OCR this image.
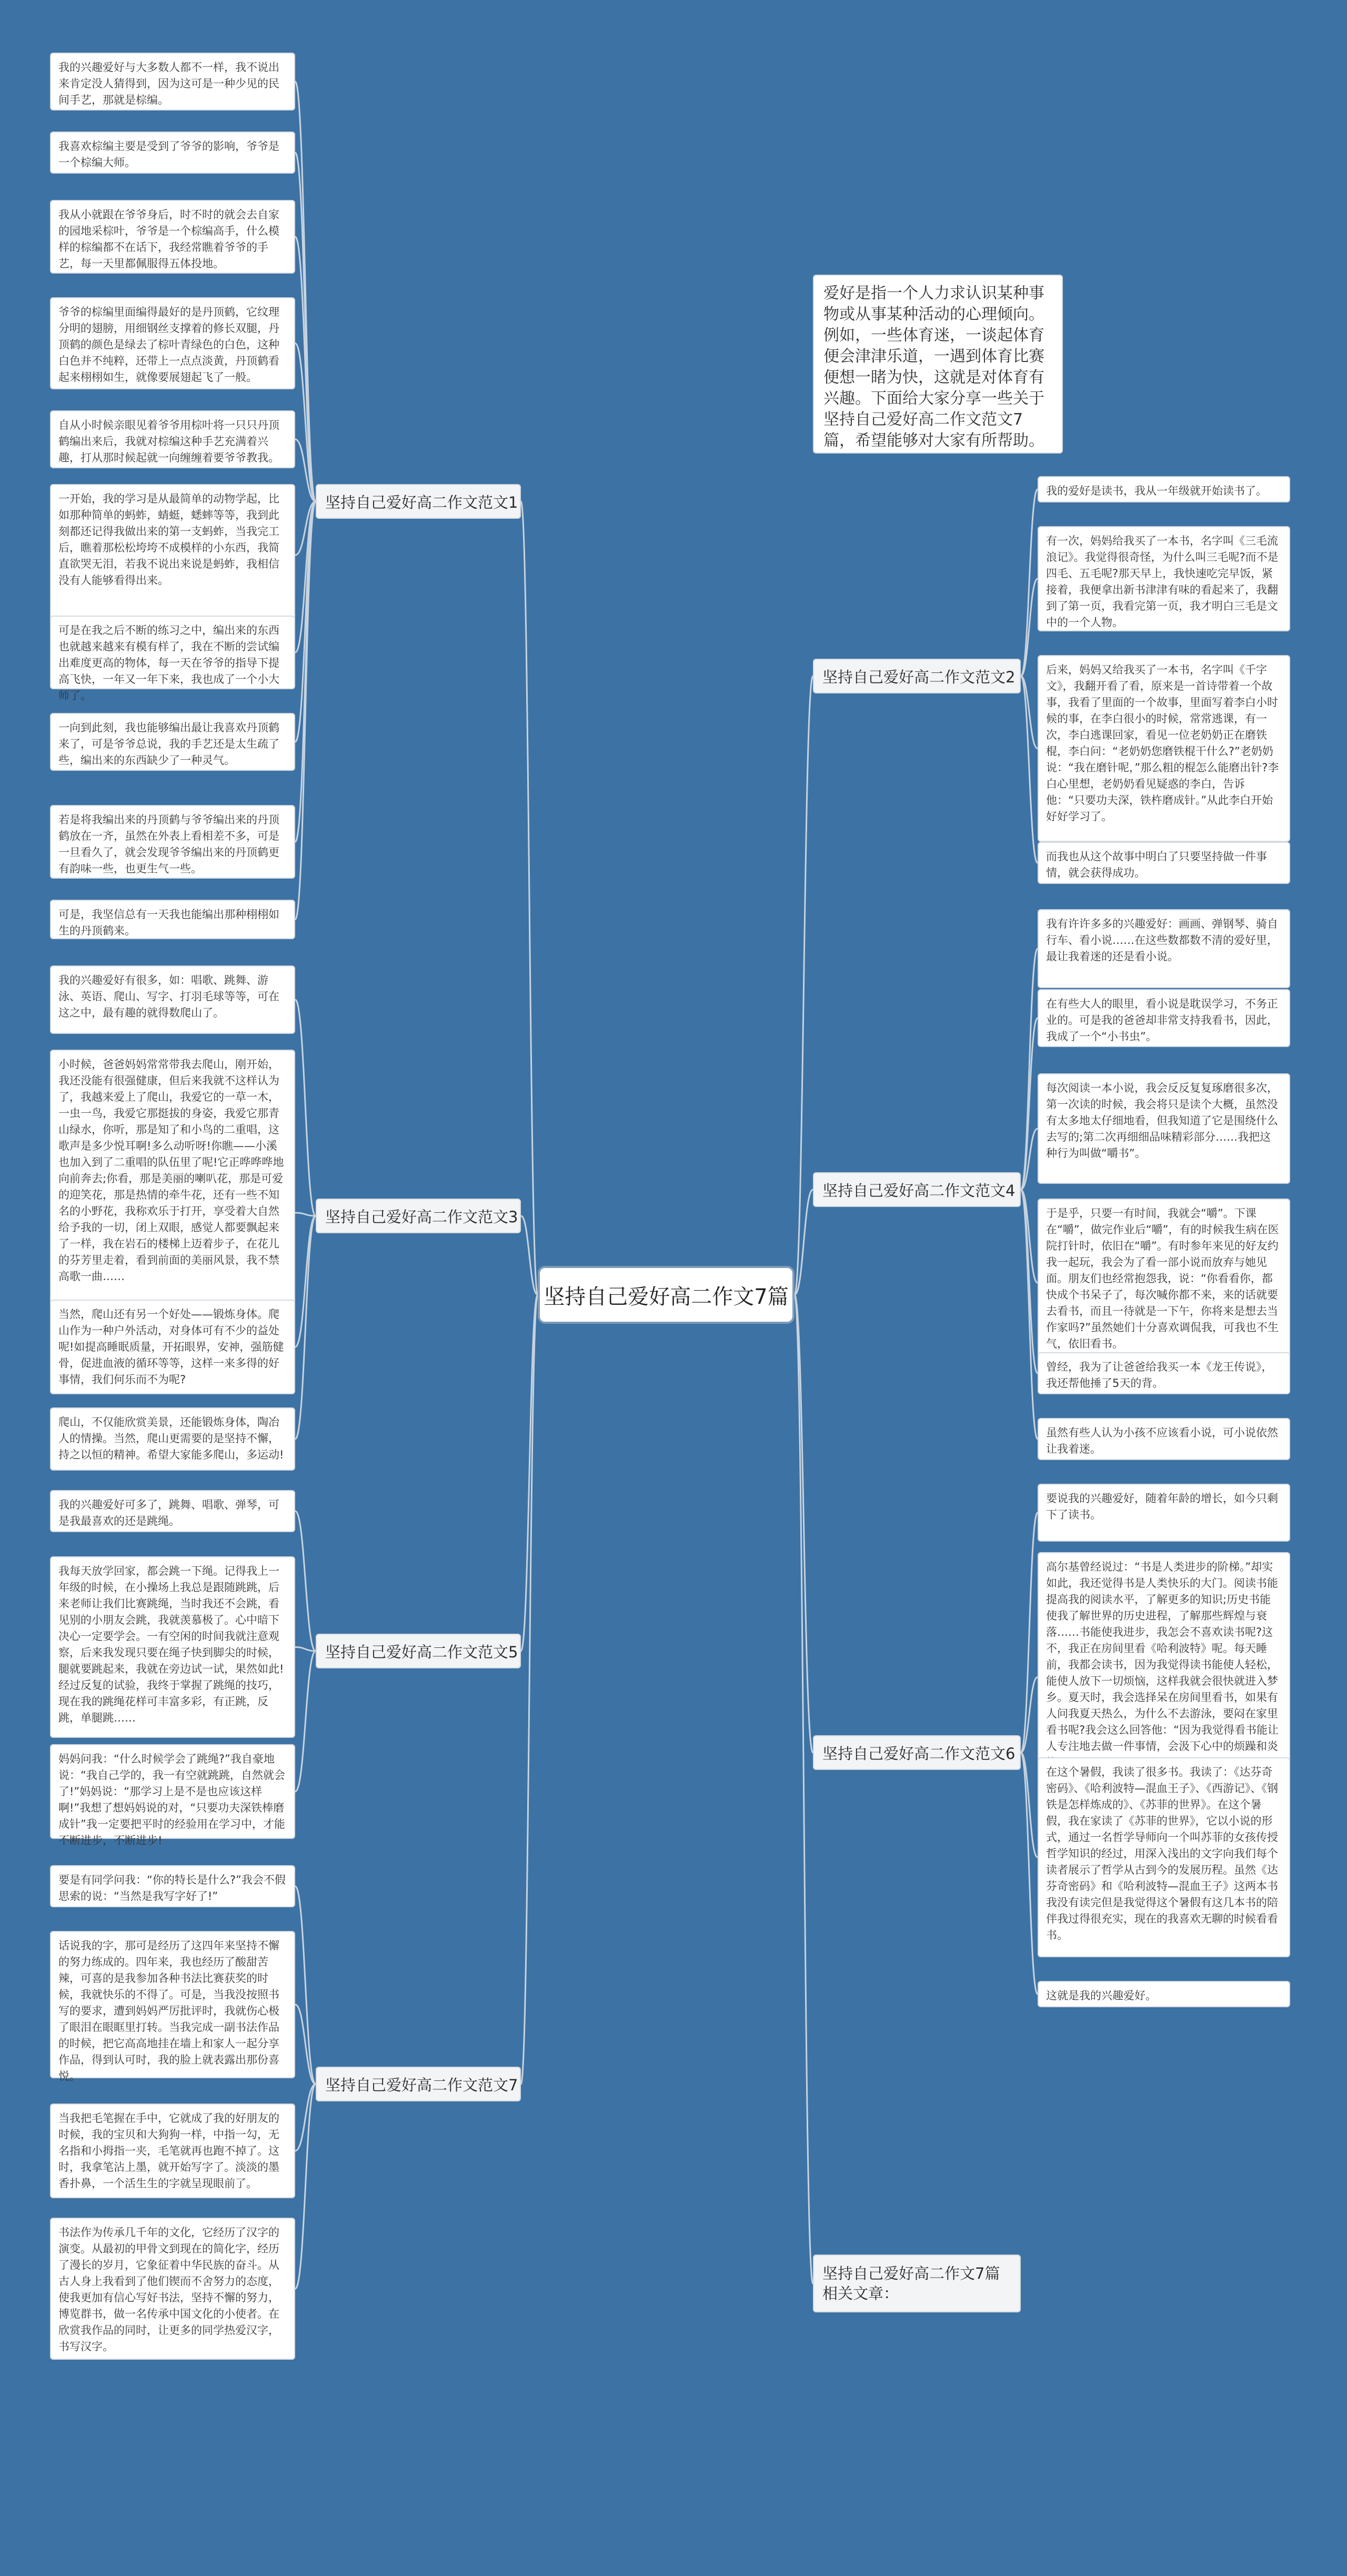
坚持自己爱好高二作文7篇
爱好是指一个人力求认识某种事物或从事某种活动的心理倾向。例如，一些体育迷，一谈起体育便会津津乐道，一遇到体育比赛便想一睹为快，这就是对体育有兴趣。下面给大家分享一些关于坚持自己爱好高二作文范文7篇，希望能够对大家有所帮助。
坚持自己爱好高二作文范文1
我的兴趣爱好与大多数人都不一样，我不说出来肯定没人猜得到，因为这可是一种少见的民间手艺，那就是棕编。
我喜欢棕编主要是受到了爷爷的影响，爷爷是一个棕编大师。
我从小就跟在爷爷身后，时不时的就会去自家的园地采棕叶，爷爷是一个棕编高手，什么模样的棕编都不在话下，我经常瞧着爷爷的手艺，每一天里都佩服得五体投地。
爷爷的棕编里面编得最好的是丹顶鹤，它纹理分明的翅膀，用细钢丝支撑着的修长双腿，丹顶鹤的颜色是绿去了棕叶青绿色的白色，这种白色并不纯粹，还带上一点点淡黄，丹顶鹤看起来栩栩如生，就像要展翅起飞了一般。
自从小时候亲眼见着爷爷用棕叶将一只只丹顶鹤编出来后，我就对棕编这种手艺充满着兴趣，打从那时候起就一向缠缠着要爷爷教我。
一开始，我的学习是从最简单的动物学起，比如那种简单的蚂蚱，蜻蜓，蟋蟀等等，我到此刻都还记得我做出来的第一支蚂蚱，当我完工后，瞧着那松松垮垮不成模样的小东西，我简直欲哭无泪，若我不说出来说是蚂蚱，我相信没有人能够看得出来。
可是在我之后不断的练习之中，编出来的东西也就越来越来有模有样了，我在不断的尝试编出难度更高的物体，每一天在爷爷的指导下提高飞快，一年又一年下来，我也成了一个小大师了。
一向到此刻，我也能够编出最让我喜欢丹顶鹤来了，可是爷爷总说，我的手艺还是太生疏了些，编出来的东西缺少了一种灵气。
若是将我编出来的丹顶鹤与爷爷编出来的丹顶鹤放在一齐，虽然在外表上看相差不多，可是一旦看久了，就会发现爷爷编出来的丹顶鹤更有韵味一些，也更生气一些。
可是，我坚信总有一天我也能编出那种栩栩如生的丹顶鹤来。
坚持自己爱好高二作文范文3
我的兴趣爱好有很多，如：唱歌、跳舞、游泳、英语、爬山、写字、打羽毛球等等，可在这之中，最有趣的就得数爬山了。
小时候，爸爸妈妈常常带我去爬山，刚开始，我还没能有很强健康，但后来我就不这样认为了，我越来爱上了爬山，我爱它的一草一木，一虫一鸟，我爱它那挺拔的身姿，我爱它那青山绿水，你听，那是知了和小鸟的二重唱，这歌声是多少悦耳啊!多么动听呀!你瞧——小溪也加入到了二重唱的队伍里了呢!它正哗哗哗地向前奔去;你看，那是美丽的喇叭花，那是可爱的迎笑花，那是热情的牵牛花，还有一些不知名的小野花，我称欢乐于打开，享受着大自然给予我的一切，闭上双眼，感觉人都要飘起来了一样，我在岩石的楼梯上迈着步子，在花儿的芬芳里走着，看到前面的美丽风景，我不禁高歌一曲……
当然，爬山还有另一个好处——锻炼身体。爬山作为一种户外活动，对身体可有不少的益处呢!如提高睡眠质量，开拓眼界，安神，强筋健骨，促进血液的循环等等，这样一来多得的好事情，我们何乐而不为呢?
爬山，不仅能欣赏美景，还能锻炼身体，陶冶人的情操。当然，爬山更需要的是坚持不懈，持之以恒的精神。希望大家能多爬山，多运动!
坚持自己爱好高二作文范文5
我的兴趣爱好可多了，跳舞、唱歌、弹琴，可是我最喜欢的还是跳绳。
我每天放学回家，都会跳一下绳。记得我上一年级的时候，在小操场上我总是跟随跳跳，后来老师让我们比赛跳绳，当时我还不会跳，看见别的小朋友会跳，我就羡慕极了。心中暗下决心一定要学会。一有空闲的时间我就注意观察，后来我发现只要在绳子快到脚尖的时候，腿就要跳起来，我就在旁边试一试，果然如此!经过反复的试验，我终于掌握了跳绳的技巧，现在我的跳绳花样可丰富多彩，有正跳，反跳，单腿跳……
妈妈问我：“什么时候学会了跳绳?”我自豪地说：“我自己学的，我一有空就跳跳，自然就会了!”妈妈说：“那学习上是不是也应该这样啊!”我想了想妈妈说的对，“只要功夫深铁棒磨成针”我一定要把平时的经验用在学习中，才能不断进步，不断进步!
坚持自己爱好高二作文范文7
要是有同学问我：“你的特长是什么?”我会不假思索的说：“当然是我写字好了!”
话说我的字，那可是经历了这四年来坚持不懈的努力练成的。四年来，我也经历了酸甜苦辣，可喜的是我参加各种书法比赛获奖的时候，我就快乐的不得了。可是，当我没按照书写的要求，遭到妈妈严厉批评时，我就伤心极了眼泪在眼眶里打转。当我完成一副书法作品的时候，把它高高地挂在墙上和家人一起分享作品，得到认可时，我的脸上就表露出那份喜悦。
当我把毛笔握在手中，它就成了我的好朋友的时候，我的宝贝和大狗狗一样，中指一勾，无名指和小拇指一夹，毛笔就再也跑不掉了。这时，我拿笔沾上墨，就开始写字了。淡淡的墨香扑鼻，一个活生生的字就呈现眼前了。
书法作为传承几千年的文化，它经历了汉字的演变。从最初的甲骨文到现在的简化字，经历了漫长的岁月，它象征着中华民族的奋斗。从古人身上我看到了他们锲而不舍努力的态度，使我更加有信心写好书法，坚持不懈的努力，博览群书，做一名传承中国文化的小使者。在欣赏我作品的同时，让更多的同学热爱汉字，书写汉字。
坚持自己爱好高二作文范文2
我的爱好是读书，我从一年级就开始读书了。
有一次，妈妈给我买了一本书，名字叫《三毛流浪记》。我觉得很奇怪，为什么叫三毛呢?而不是四毛、五毛呢?那天早上，我快速吃完早饭，紧接着，我便拿出新书津津有味的看起来了，我翻到了第一页，我看完第一页，我才明白三毛是文中的一个人物。
后来，妈妈又给我买了一本书，名字叫《千字文》，我翻开看了看，原来是一首诗带着一个故事，我看了里面的一个故事，里面写着李白小时候的事，在李白很小的时候，常常逃课，有一次，李白逃课回家，看见一位老奶奶正在磨铁棍，李白问：“老奶奶您磨铁棍干什么?”老奶奶说：“我在磨针呢，”那么粗的棍怎么能磨出针?李白心里想，老奶奶看见疑惑的李白，告诉他：“只要功夫深，铁杵磨成针。”从此李白开始好好学习了。
而我也从这个故事中明白了只要坚持做一件事情，就会获得成功。
坚持自己爱好高二作文范文4
我有许许多多的兴趣爱好：画画、弹钢琴、骑自行车、看小说……在这些数都数不清的爱好里，最让我着迷的还是看小说。
在有些大人的眼里，看小说是耽误学习，不务正业的。可是我的爸爸却非常支持我看书，因此，我成了一个“小书虫”。
每次阅读一本小说，我会反反复复琢磨很多次，第一次读的时候，我会将只是读个大概，虽然没有太多地太仔细地看，但我知道了它是围绕什么去写的;第二次再细细品味精彩部分……我把这种行为叫做“嚼书”。
于是乎，只要一有时间，我就会“嚼”。下课在“嚼”，做完作业后“嚼”，有的时候我生病在医院打针时，依旧在“嚼”。有时参年来见的好友约我一起玩，我会为了看一部小说而放弃与她见面。朋友们也经常抱怨我，说：“你看看你，都快成个书呆子了，每次喊你都不来，来的话就要去看书，而且一待就是一下午，你将来是想去当作家吗?”虽然她们十分喜欢调侃我，可我也不生气，依旧看书。
曾经，我为了让爸爸给我买一本《龙王传说》，我还帮他捶了5天的背。
虽然有些人认为小孩不应该看小说，可小说依然让我着迷。
坚持自己爱好高二作文范文6
要说我的兴趣爱好，随着年龄的增长，如今只剩下了读书。
高尔基曾经说过：“书是人类进步的阶梯。”却实如此，我还觉得书是人类快乐的大门。阅读书能提高我的阅读水平，了解更多的知识;历史书能使我了解世界的历史进程，了解那些辉煌与衰落……书能使我进步，我怎会不喜欢读书呢?这不，我正在房间里看《哈利波特》呢。每天睡前，我都会读书，因为我觉得读书能使人轻松，能使人放下一切烦恼，这样我就会很快就进入梦乡。夏天时，我会选择呆在房间里看书，如果有人问我夏天热么，为什么不去游泳，要闷在家里看书呢?我会这么回答他：“因为我觉得看书能让人专注地去做一件事情，会汲下心中的烦躁和炎
在这个暑假，我读了很多书。我读了：《达芬奇密码》、《哈利波特—混血王子》、《西游记》、《钢铁是怎样炼成的》、《苏菲的世界》。在这个暑假，我在家读了《苏菲的世界》，它以小说的形式，通过一名哲学导师向一个叫苏菲的女孩传授哲学知识的经过，用深入浅出的文字向我们每个读者展示了哲学从古到今的发展历程。虽然《达芬奇密码》和《哈利波特—混血王子》这两本书我没有读完但是我觉得这个暑假有这几本书的陪伴我过得很充实，现在的我喜欢无聊的时候看看书。
这就是我的兴趣爱好。
坚持自己爱好高二作文7篇相关文章：
